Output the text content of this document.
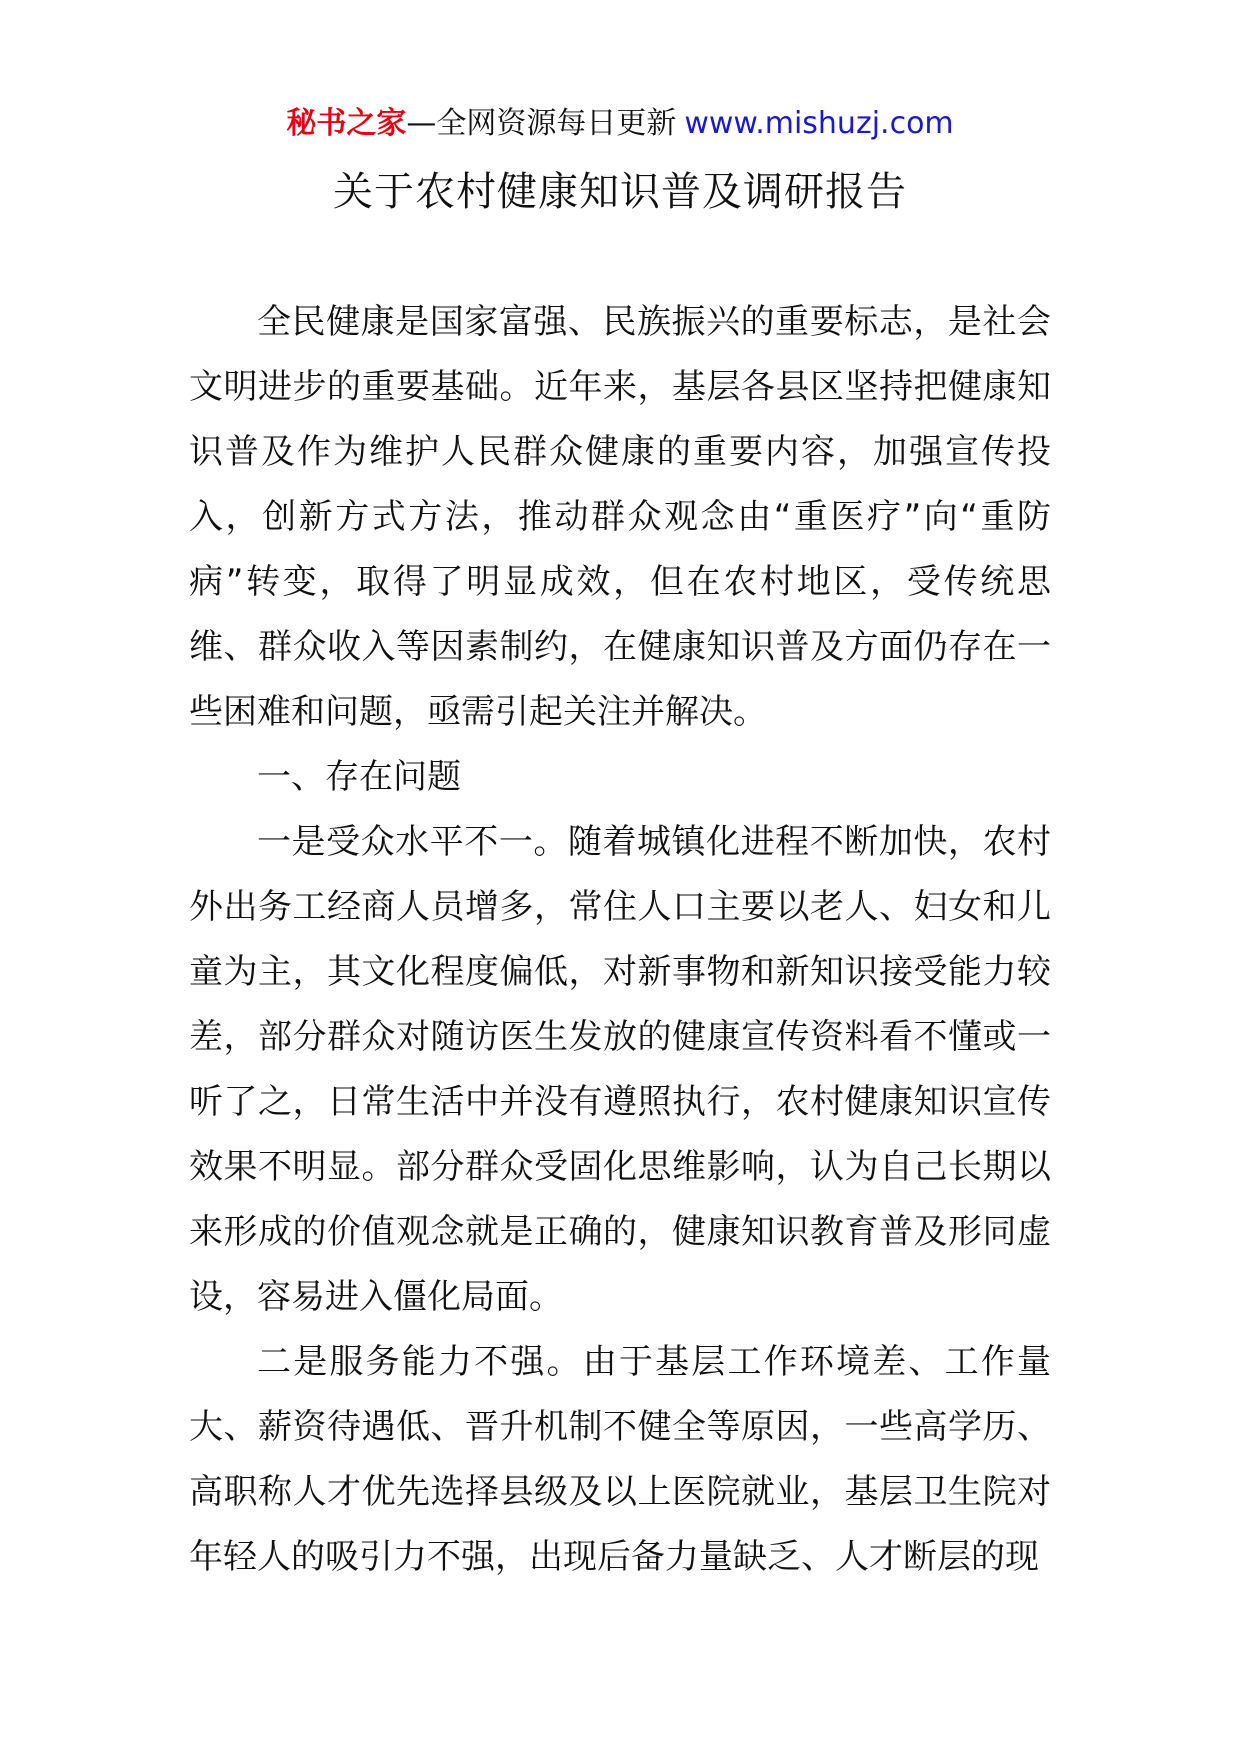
秘书之家—全网资源每日更新 www.mishuzj.com
关于农村健康知识普及调研报告

全民健康是国家富强、民族振兴的重要标志，是社会文明进步的重要基础。近年来，基层各县区坚持把健康知识普及作为维护人民群众健康的重要内容，加强宣传投入，创新方式方法，推动群众观念由“重医疗”向“重防病”转变，取得了明显成效，但在农村地区，受传统思维、群众收入等因素制约，在健康知识普及方面仍存在一些困难和问题，亟需引起关注并解决。

一、存在问题

一是受众水平不一。随着城镇化进程不断加快，农村外出务工经商人员增多，常住人口主要以老人、妇女和儿童为主，其文化程度偏低，对新事物和新知识接受能力较差，部分群众对随访医生发放的健康宣传资料看不懂或一听了之，日常生活中并没有遵照执行，农村健康知识宣传效果不明显。部分群众受固化思维影响，认为自己长期以来形成的价值观念就是正确的，健康知识教育普及形同虚设，容易进入僵化局面。

二是服务能力不强。由于基层工作环境差、工作量大、薪资待遇低、晋升机制不健全等原因，一些高学历、高职称人才优先选择县级及以上医院就业，基层卫生院对年轻人的吸引力不强，出现后备力量缺乏、人才断层的现
